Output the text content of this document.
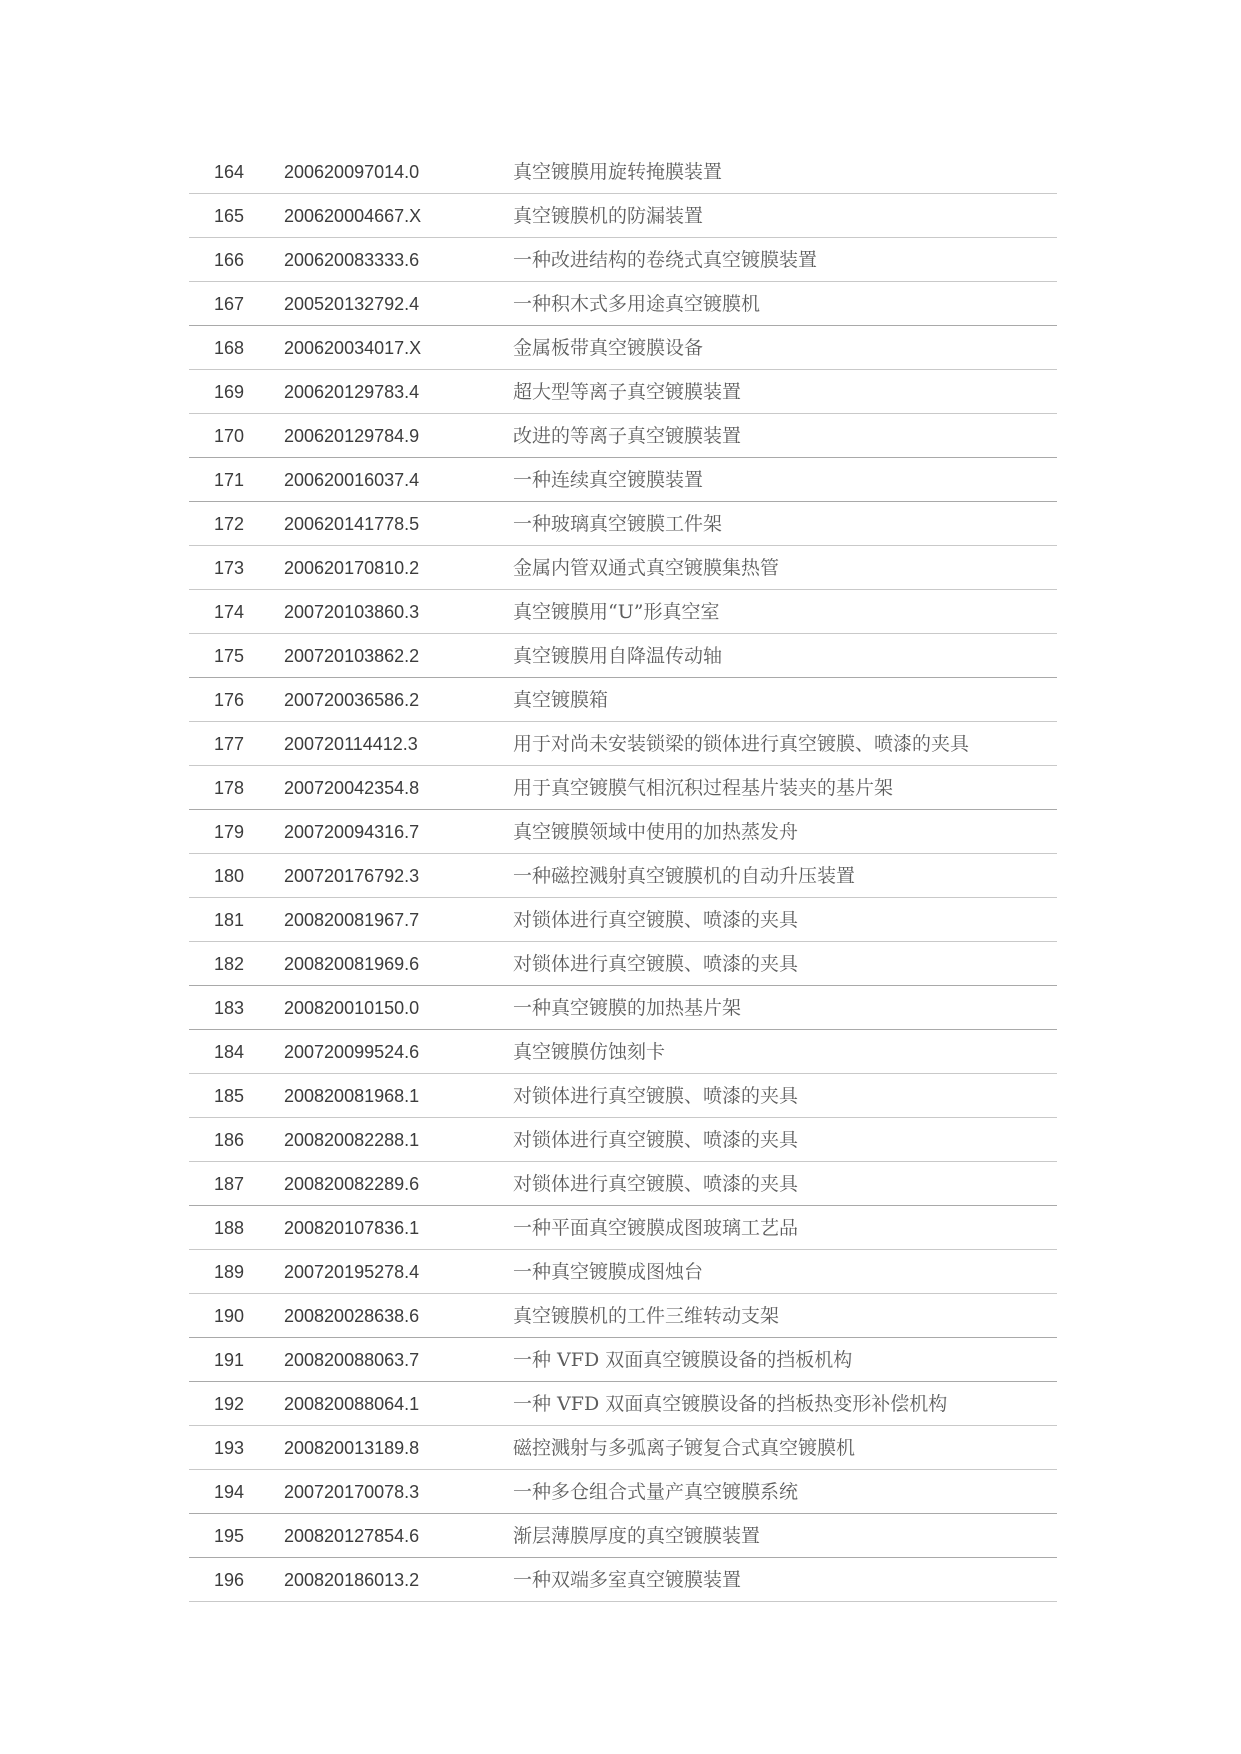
164 200620097014.0	真空镀膜用旋转掩膜装置
165 200620004667.X	真空镀膜机的防漏装置
166 200620083333.6	一种改进结构的卷绕式真空镀膜装置
167 200520132792.4	一种积木式多用途真空镀膜机
168 200620034017.X	金属板带真空镀膜设备
169 200620129783.4	超大型等离子真空镀膜装置
170 200620129784.9	改进的等离子真空镀膜装置
171 200620016037.4	一种连续真空镀膜装置
172 200620141778.5	一种玻璃真空镀膜工件架
173 200620170810.2	金属内管双通式真空镀膜集热管
174 200720103860.3	真空镀膜用“U”形真空室
175 200720103862.2	真空镀膜用自降温传动轴
176 200720036586.2	真空镀膜箱
177 200720114412.3	用于对尚未安装锁梁的锁体进行真空镀膜、喷漆的夹具
178 200720042354.8	用于真空镀膜气相沉积过程基片装夹的基片架
179 200720094316.7	真空镀膜领域中使用的加热蒸发舟
180 200720176792.3	一种磁控溅射真空镀膜机的自动升压装置
181 200820081967.7	对锁体进行真空镀膜、喷漆的夹具
182 200820081969.6	对锁体进行真空镀膜、喷漆的夹具
183 200820010150.0	一种真空镀膜的加热基片架
184 200720099524.6	真空镀膜仿蚀刻卡
185 200820081968.1	对锁体进行真空镀膜、喷漆的夹具
186 200820082288.1	对锁体进行真空镀膜、喷漆的夹具
187 200820082289.6	对锁体进行真空镀膜、喷漆的夹具
188 200820107836.1	一种平面真空镀膜成图玻璃工艺品
189 200720195278.4	一种真空镀膜成图烛台
190 200820028638.6	真空镀膜机的工件三维转动支架
191 200820088063.7	一种 VFD 双面真空镀膜设备的挡板机构
192 200820088064.1	一种 VFD 双面真空镀膜设备的挡板热变形补偿机构
193 200820013189.8	磁控溅射与多弧离子镀复合式真空镀膜机
194 200720170078.3	一种多仓组合式量产真空镀膜系统
195 200820127854.6	渐层薄膜厚度的真空镀膜装置
196 200820186013.2	一种双端多室真空镀膜装置
